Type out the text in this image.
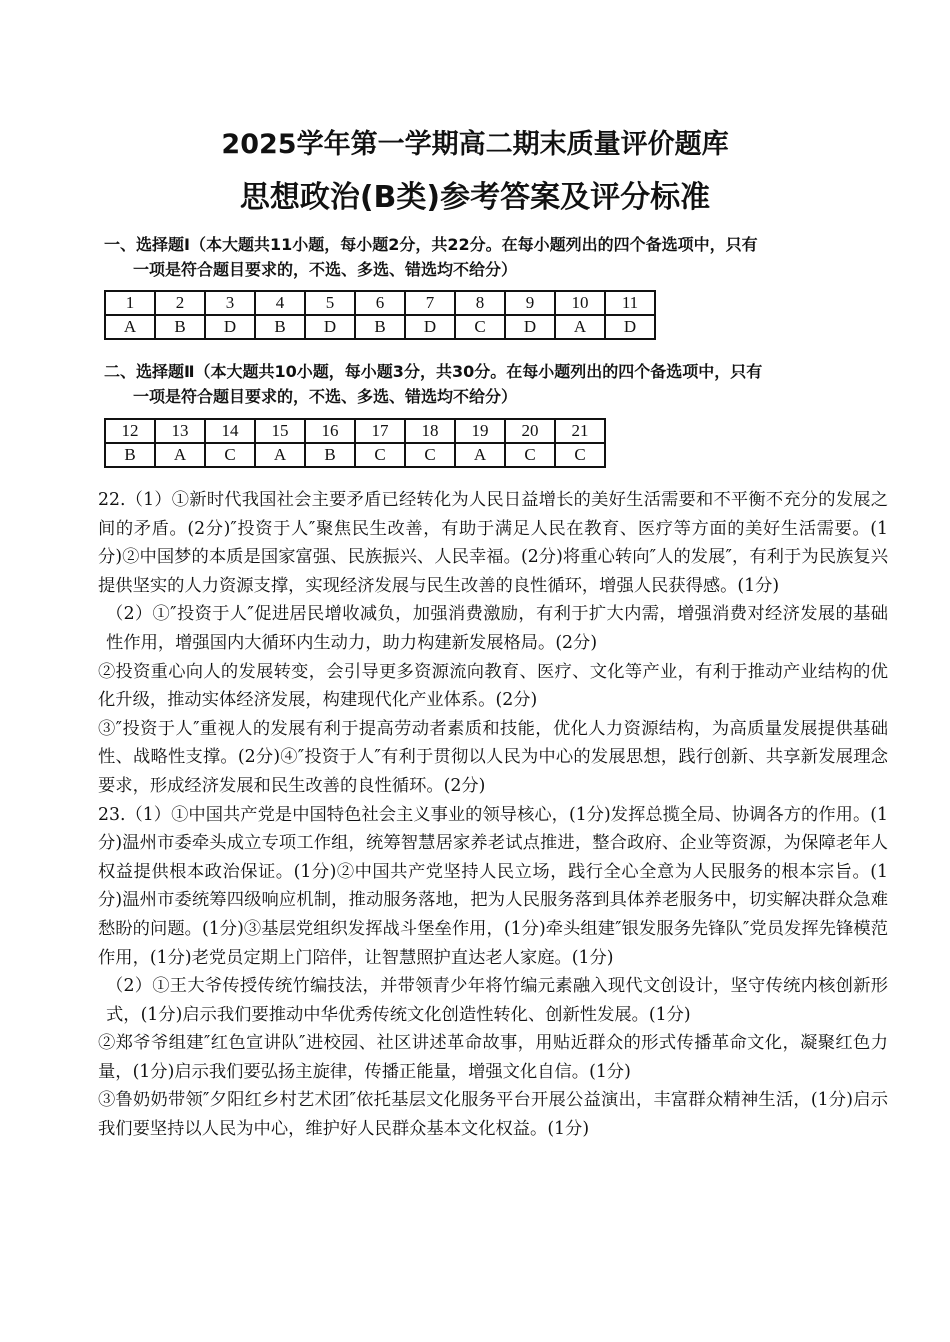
2025学年第一学期高二期末质量评价题库
思想政治(B类)参考答案及评分标准
一、选择题Ⅰ（本大题共11小题，每小题2分，共22分。在每小题列出的四个备选项中，只有
一项是符合题目要求的，不选、多选、错选均不给分）
1	2	3	4	5	6	7	8	9	10	11
A	B	D	B	D	B	D	C	D	A	D
二、选择题Ⅱ（本大题共10小题，每小题3分，共30分。在每小题列出的四个备选项中，只有
一项是符合题目要求的，不选、多选、错选均不给分）
12	13	14	15	16	17	18	19	20	21
B	A	C	A	B	C	C	A	C	C

22.（1）①新时代我国社会主要矛盾已经转化为人民日益增长的美好生活需要和不平衡不充分的发展之间的矛盾。(2分)″投资于人″聚焦民生改善，有助于满足人民在教育、医疗等方面的美好生活需要。(1分)②中国梦的本质是国家富强、民族振兴、人民幸福。(2分)将重心转向″人的发展″，有利于为民族复兴提供坚实的人力资源支撑，实现经济发展与民生改善的良性循环，增强人民获得感。(1分)

（2）①″投资于人″促进居民增收减负，加强消费激励，有利于扩大内需，增强消费对经济发展的基础性作用，增强国内大循环内生动力，助力构建新发展格局。(2分)

②投资重心向人的发展转变，会引导更多资源流向教育、医疗、文化等产业，有利于推动产业结构的优化升级，推动实体经济发展，构建现代化产业体系。(2分)

③″投资于人″重视人的发展有利于提高劳动者素质和技能，优化人力资源结构，为高质量发展提供基础性、战略性支撑。(2分)④″投资于人″有利于贯彻以人民为中心的发展思想，践行创新、共享新发展理念要求，形成经济发展和民生改善的良性循环。(2分)

23.（1）①中国共产党是中国特色社会主义事业的领导核心，(1分)发挥总揽全局、协调各方的作用。(1分)温州市委牵头成立专项工作组，统筹智慧居家养老试点推进，整合政府、企业等资源，为保障老年人权益提供根本政治保证。(1分)②中国共产党坚持人民立场，践行全心全意为人民服务的根本宗旨。(1分)温州市委统筹四级响应机制，推动服务落地，把为人民服务落到具体养老服务中，切实解决群众急难愁盼的问题。(1分)③基层党组织发挥战斗堡垒作用，(1分)牵头组建″银发服务先锋队″党员发挥先锋模范作用，(1分)老党员定期上门陪伴，让智慧照护直达老人家庭。(1分)

（2）①王大爷传授传统竹编技法，并带领青少年将竹编元素融入现代文创设计，坚守传统内核创新形式，(1分)启示我们要推动中华优秀传统文化创造性转化、创新性发展。(1分)

②郑爷爷组建″红色宣讲队″进校园、社区讲述革命故事，用贴近群众的形式传播革命文化，凝聚红色力量，(1分)启示我们要弘扬主旋律，传播正能量，增强文化自信。(1分)

③鲁奶奶带领″夕阳红乡村艺术团″依托基层文化服务平台开展公益演出，丰富群众精神生活，(1分)启示我们要坚持以人民为中心，维护好人民群众基本文化权益。(1分)
